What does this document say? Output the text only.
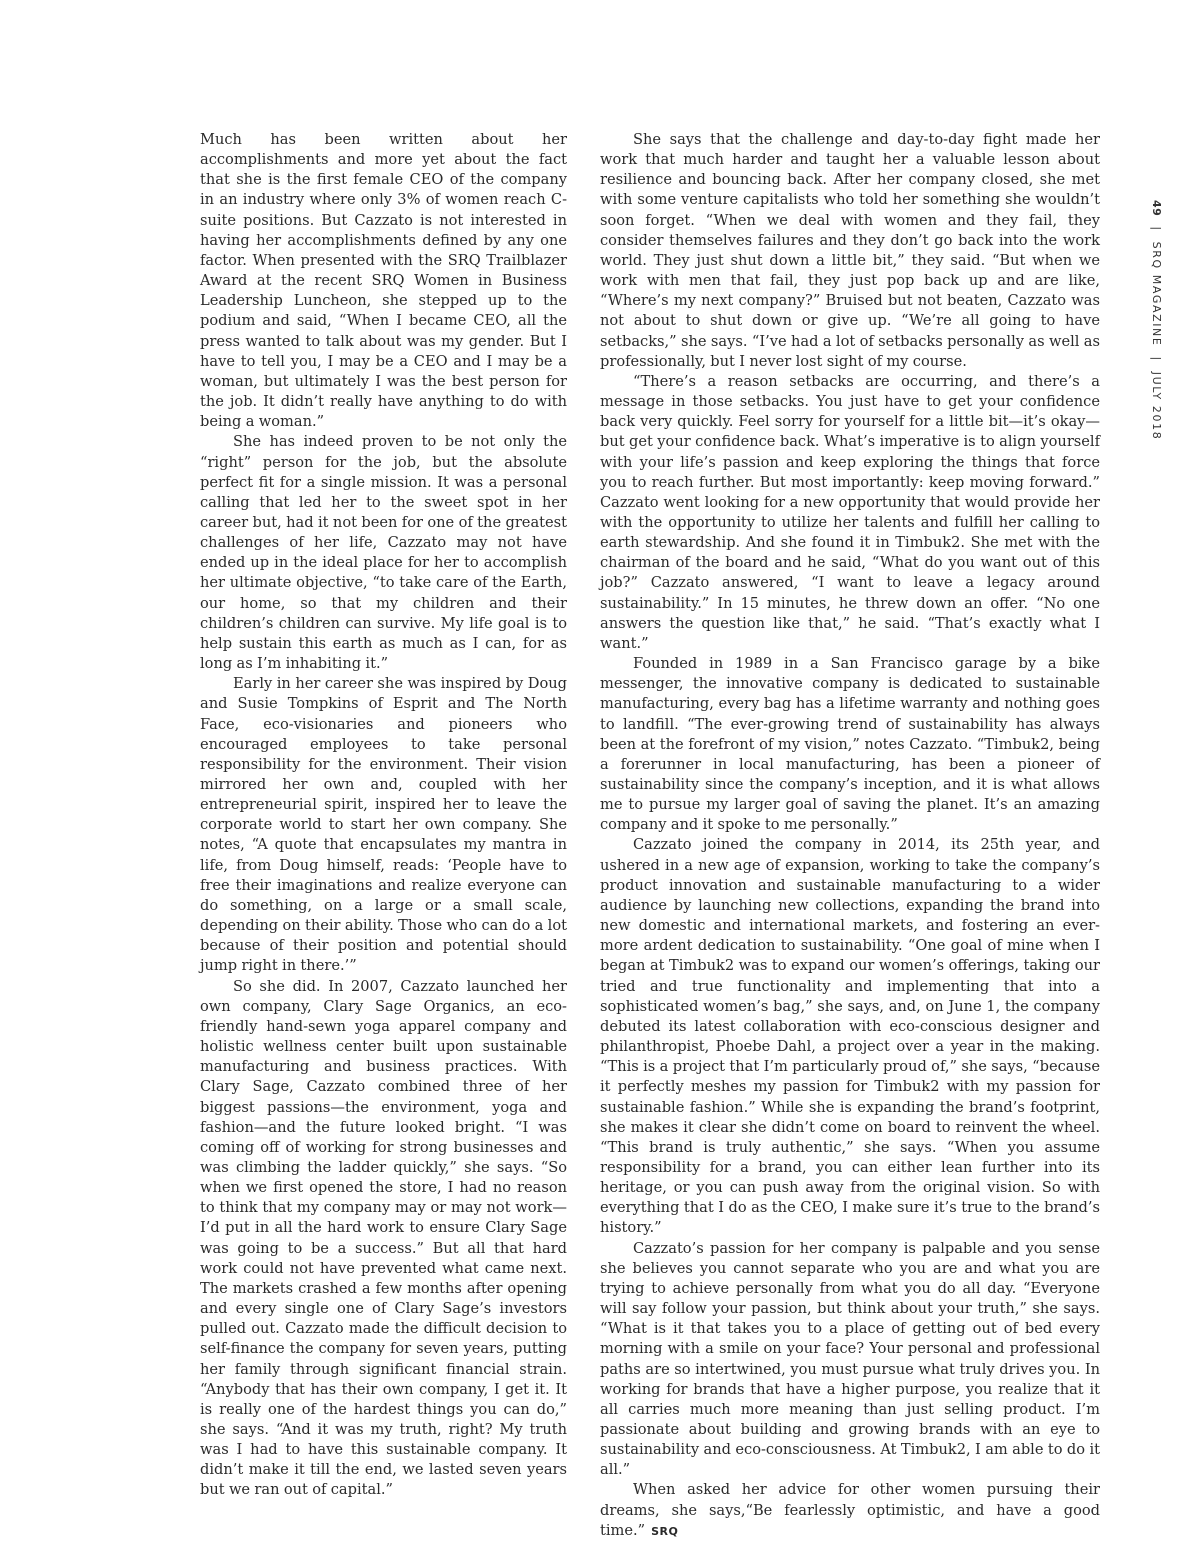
Much has been written about her accomplishments and more yet about the fact that she is the first female CEO of the company in an industry where only 3% of women reach C-suite positions. But Cazzato is not interested in having her accomplishments defined by any one factor. When presented with the SRQ Trailblazer Award at the recent SRQ Women in Business Leadership Luncheon, she stepped up to the podium and said, “When I became CEO, all the press wanted to talk about was my gender. But I have to tell you, I may be a CEO and I may be a woman, but ultimately I was the best person for the job. It didn’t really have anything to do with being a woman.”

She has indeed proven to be not only the “right” person for the job, but the absolute perfect fit for a single mission. It was a personal calling that led her to the sweet spot in her career but, had it not been for one of the greatest challenges of her life, Cazzato may not have ended up in the ideal place for her to accomplish her ultimate objective, “to take care of the Earth, our home, so that my children and their children’s children can survive. My life goal is to help sustain this earth as much as I can, for as long as I’m inhabiting it.”

Early in her career she was inspired by Doug and Susie Tompkins of Esprit and The North Face, eco-visionaries and pioneers who encouraged employees to take personal responsibility for the environment. Their vision mirrored her own and, coupled with her entrepreneurial spirit, inspired her to leave the corporate world to start her own company. She notes, “A quote that encapsulates my mantra in life, from Doug himself, reads: ‘People have to free their imaginations and realize everyone can do something, on a large or a small scale, depending on their ability. Those who can do a lot because of their position and potential should jump right in there.’”

So she did. In 2007, Cazzato launched her own company, Clary Sage Organics, an eco-friendly hand-sewn yoga apparel company and holistic wellness center built upon sustainable manufacturing and business practices. With Clary Sage, Cazzato combined three of her biggest passions—the environment, yoga and fashion—and the future looked bright. “I was coming off of working for strong businesses and was climbing the ladder quickly,” she says. “So when we first opened the store, I had no reason to think that my company may or may not work—I’d put in all the hard work to ensure Clary Sage was going to be a success.” But all that hard work could not have prevented what came next. The markets crashed a few months after opening and every single one of Clary Sage’s investors pulled out. Cazzato made the difficult decision to self-finance the company for seven years, putting her family through significant financial strain. “Anybody that has their own company, I get it. It is really one of the hardest things you can do,” she says. “And it was my truth, right? My truth was I had to have this sustainable company. It didn’t make it till the end, we lasted seven years but we ran out of capital.”

She says that the challenge and day-to-day fight made her work that much harder and taught her a valuable lesson about resilience and bouncing back. After her company closed, she met with some venture capitalists who told her something she wouldn’t soon forget. “When we deal with women and they fail, they consider themselves failures and they don’t go back into the work world. They just shut down a little bit,” they said. “But when we work with men that fail, they just pop back up and are like, “Where’s my next company?” Bruised but not beaten, Cazzato was not about to shut down or give up. “We’re all going to have setbacks,” she says. “I’ve had a lot of setbacks personally as well as professionally, but I never lost sight of my course.

“There’s a reason setbacks are occurring, and there’s a message in those setbacks. You just have to get your confidence back very quickly. Feel sorry for yourself for a little bit—it’s okay—but get your confidence back. What’s imperative is to align yourself with your life’s passion and keep exploring the things that force you to reach further. But most importantly: keep moving forward.” Cazzato went looking for a new opportunity that would provide her with the opportunity to utilize her talents and fulfill her calling to earth stewardship. And she found it in Timbuk2. She met with the chairman of the board and he said, “What do you want out of this job?” Cazzato answered, “I want to leave a legacy around sustainability.” In 15 minutes, he threw down an offer. “No one answers the question like that,” he said. “That’s exactly what I want.”

Founded in 1989 in a San Francisco garage by a bike messenger, the innovative company is dedicated to sustainable manufacturing, every bag has a lifetime warranty and nothing goes to landfill. “The ever-growing trend of sustainability has always been at the forefront of my vision,” notes Cazzato. “Timbuk2, being a forerunner in local manufacturing, has been a pioneer of sustainability since the company’s inception, and it is what allows me to pursue my larger goal of saving the planet. It’s an amazing company and it spoke to me personally.”

Cazzato joined the company in 2014, its 25th year, and ushered in a new age of expansion, working to take the company’s product innovation and sustainable manufacturing to a wider audience by launching new collections, expanding the brand into new domestic and international markets, and fostering an ever-more ardent dedication to sustainability. “One goal of mine when I began at Timbuk2 was to expand our women’s offerings, taking our tried and true functionality and implementing that into a sophisticated women’s bag,” she says, and, on June 1, the company debuted its latest collaboration with eco-conscious designer and philanthropist, Phoebe Dahl, a project over a year in the making. “This is a project that I’m particularly proud of,” she says, “because it perfectly meshes my passion for Timbuk2 with my passion for sustainable fashion.” While she is expanding the brand’s footprint, she makes it clear she didn’t come on board to reinvent the wheel. “This brand is truly authentic,” she says. “When you assume responsibility for a brand, you can either lean further into its heritage, or you can push away from the original vision. So with everything that I do as the CEO, I make sure it’s true to the brand’s history.”

Cazzato’s passion for her company is palpable and you sense she believes you cannot separate who you are and what you are trying to achieve personally from what you do all day. “Everyone will say follow your passion, but think about your truth,” she says. “What is it that takes you to a place of getting out of bed every morning with a smile on your face? Your personal and professional paths are so intertwined, you must pursue what truly drives you. In working for brands that have a higher purpose, you realize that it all carries much more meaning than just selling product. I’m passionate about building and growing brands with an eye to sustainability and eco-consciousness. At Timbuk2, I am able to do it all.”

When asked her advice for other women pursuing their dreams, she says,“Be fearlessly optimistic, and have a good time.” SRQ

49|SRQ MAGAZINE|JULY 2018
